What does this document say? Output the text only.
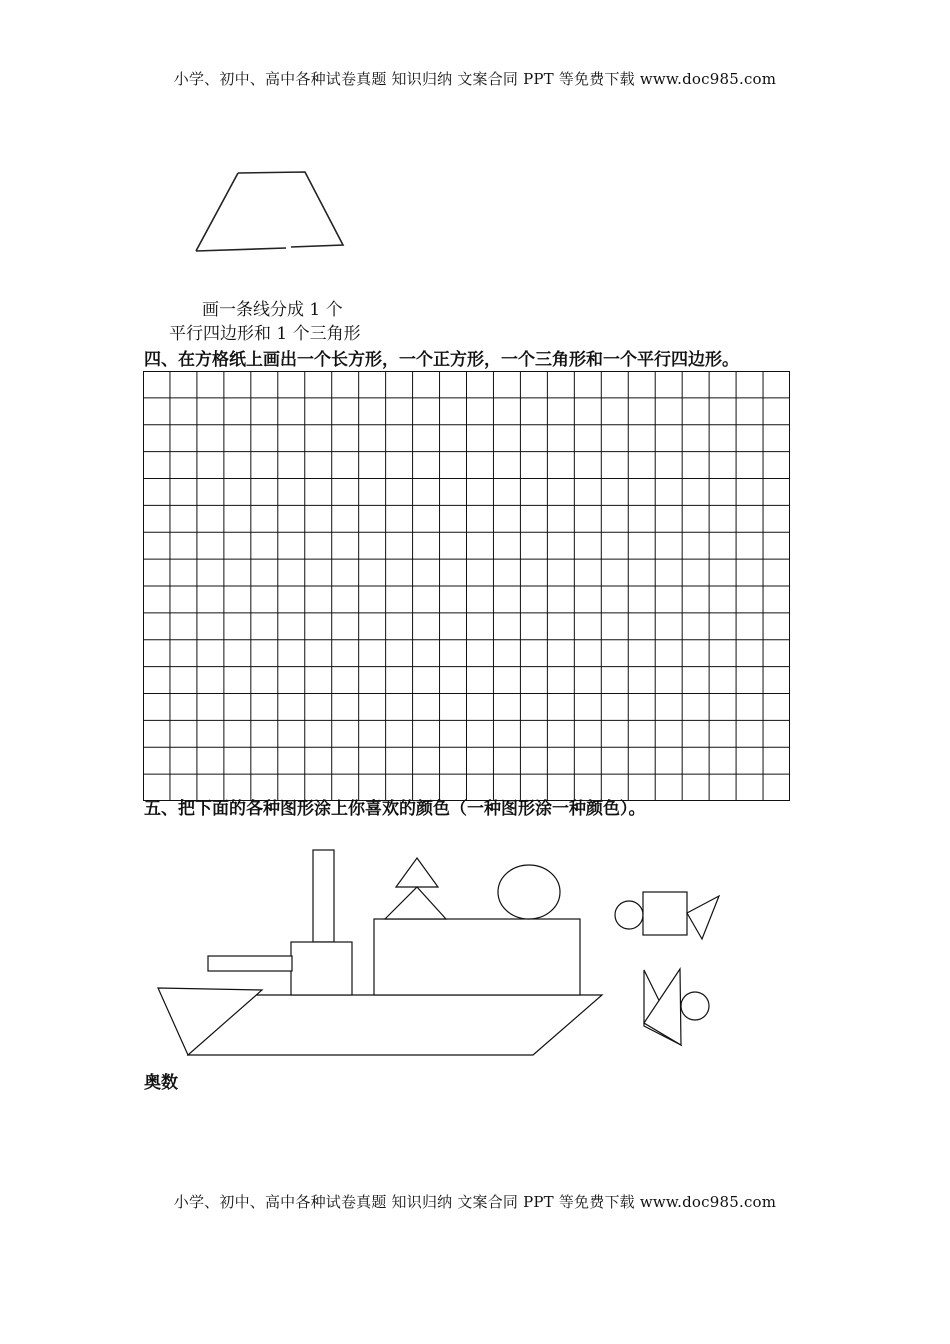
小学、初中、高中各种试卷真题 知识归纳 文案合同 PPT 等免费下载 www.doc985.com
画一条线分成 1 个
平行四边形和 1 个三角形
四、在方格纸上画出一个长方形，一个正方形，一个三角形和一个平行四边形。
五、把下面的各种图形涂上你喜欢的颜色（一种图形涂一种颜色）。
奥数
小学、初中、高中各种试卷真题 知识归纳 文案合同 PPT 等免费下载 www.doc985.com
